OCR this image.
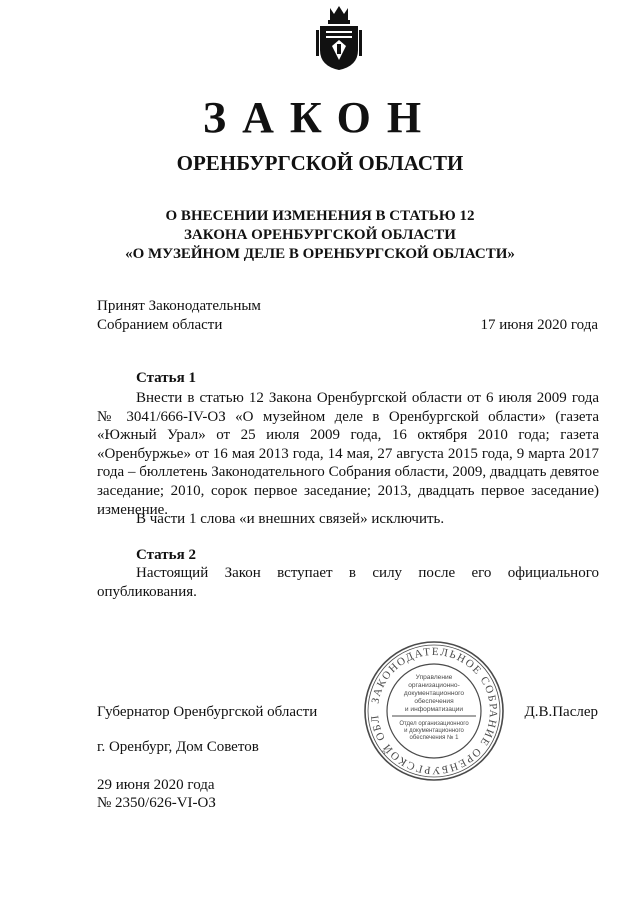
ЗАКОН
ОРЕНБУРГСКОЙ ОБЛАСТИ
О ВНЕСЕНИИ ИЗМЕНЕНИЯ В СТАТЬЮ 12
ЗАКОНА ОРЕНБУРГСКОЙ ОБЛАСТИ
«О МУЗЕЙНОМ ДЕЛЕ В ОРЕНБУРГСКОЙ ОБЛАСТИ»
Принят Законодательным
Собранием области	17 июня 2020 года
Статья 1
Внести в статью 12 Закона Оренбургской области от 6 июля 2009 года № 3041/666-IV-ОЗ «О музейном деле в Оренбургской области» (газета «Южный Урал» от 25 июля 2009 года, 16 октября 2010 года; газета «Оренбуржье» от 16 мая 2013 года, 14 мая, 27 августа 2015 года, 9 марта 2017 года – бюллетень Законодательного Собрания области, 2009, двадцать девятое заседание; 2010, сорок первое заседание; 2013, двадцать первое заседание) изменение.
В части 1 слова «и внешних связей» исключить.
Статья 2
Настоящий Закон вступает в силу после его официального опубликования.
ЗАКОНОДАТЕЛЬНОЕ СОБРАНИЕ ОРЕНБУРГСКОЙ ОБЛ
Управление
организационно-
документационного
обеспечения
и информатизации
Отдел организационного
и документационного
обеспечения № 1
Губернатор Оренбургской области	Д.В.Паслер
г. Оренбург, Дом Советов
29 июня 2020 года
№ 2350/626-VI-ОЗ
